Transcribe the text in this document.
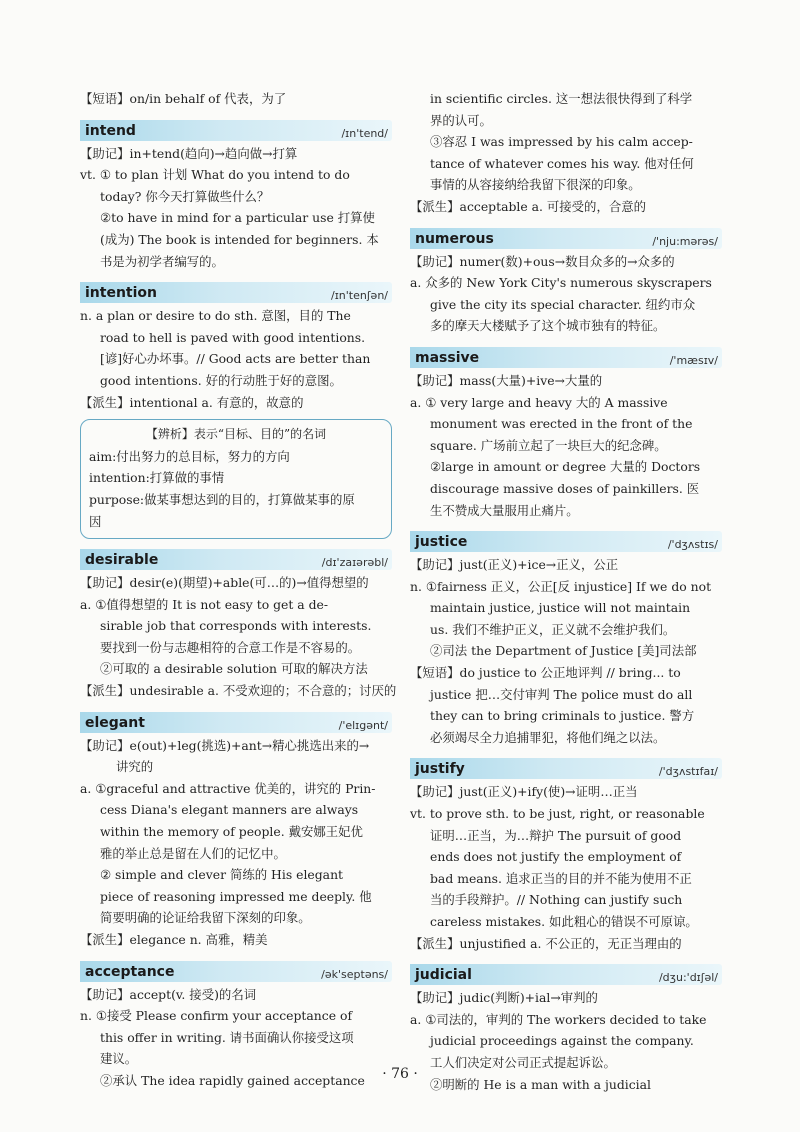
【短语】on/in behalf of 代表，为了
intend	/ɪn'tend/
【助记】in+tend(趋向)→趋向做→打算
vt. ① to plan 计划 What do you intend to do
today? 你今天打算做些什么？
②to have in mind for a particular use 打算使
(成为) The book is intended for beginners. 本
书是为初学者编写的。
intention	/ɪn'tenʃən/
n. a plan or desire to do sth. 意图，目的 The
road to hell is paved with good intentions.
[谚]好心办坏事。// Good acts are better than
good intentions. 好的行动胜于好的意图。
【派生】intentional a. 有意的，故意的
【辨析】表示“目标、目的”的名词
aim:付出努力的总目标，努力的方向
intention:打算做的事情
purpose:做某事想达到的目的，打算做某事的原
因
desirable	/dɪ'zaɪərəbl/
【助记】desir(e)(期望)+able(可…的)→值得想望的
a. ①值得想望的 It is not easy to get a de-
sirable job that corresponds with interests.
要找到一份与志趣相符的合意工作是不容易的。
②可取的 a desirable solution 可取的解决方法
【派生】undesirable a. 不受欢迎的；不合意的；讨厌的
elegant	/'elɪgənt/
【助记】e(out)+leg(挑选)+ant→精心挑选出来的→
讲究的
a. ①graceful and attractive 优美的，讲究的 Prin-
cess Diana's elegant manners are always
within the memory of people. 戴安娜王妃优
雅的举止总是留在人们的记忆中。
② simple and clever 简练的 His elegant
piece of reasoning impressed me deeply. 他
简要明确的论证给我留下深刻的印象。
【派生】elegance n. 高雅，精美
acceptance	/ək'septəns/
【助记】accept(v. 接受)的名词
n. ①接受 Please confirm your acceptance of
this offer in writing. 请书面确认你接受这项
建议。
②承认 The idea rapidly gained acceptance
in scientific circles. 这一想法很快得到了科学
界的认可。
③容忍 I was impressed by his calm accep-
tance of whatever comes his way. 他对任何
事情的从容接纳给我留下很深的印象。
【派生】acceptable a. 可接受的，合意的
numerous	/'nju:mərəs/
【助记】numer(数)+ous→数目众多的→众多的
a. 众多的 New York City's numerous skyscrapers
give the city its special character. 纽约市众
多的摩天大楼赋予了这个城市独有的特征。
massive	/'mæsɪv/
【助记】mass(大量)+ive→大量的
a. ① very large and heavy 大的 A massive
monument was erected in the front of the
square. 广场前立起了一块巨大的纪念碑。
②large in amount or degree 大量的 Doctors
discourage massive doses of painkillers. 医
生不赞成大量服用止痛片。
justice	/'dʒʌstɪs/
【助记】just(正义)+ice→正义，公正
n. ①fairness 正义，公正[反 injustice] If we do not
maintain justice, justice will not maintain
us. 我们不维护正义，正义就不会维护我们。
②司法 the Department of Justice [美]司法部
【短语】do justice to 公正地评判 // bring... to
justice 把…交付审判 The police must do all
they can to bring criminals to justice. 警方
必须竭尽全力追捕罪犯，将他们绳之以法。
justify	/'dʒʌstɪfaɪ/
【助记】just(正义)+ify(使)→证明…正当
vt. to prove sth. to be just, right, or reasonable
证明…正当，为…辩护 The pursuit of good
ends does not justify the employment of
bad means. 追求正当的目的并不能为使用不正
当的手段辩护。// Nothing can justify such
careless mistakes. 如此粗心的错误不可原谅。
【派生】unjustified a. 不公正的，无正当理由的
judicial	/dʒu:'dɪʃəl/
【助记】judic(判断)+ial→审判的
a. ①司法的，审判的 The workers decided to take
judicial proceedings against the company.
工人们决定对公司正式提起诉讼。
②明断的 He is a man with a judicial
· 76 ·
